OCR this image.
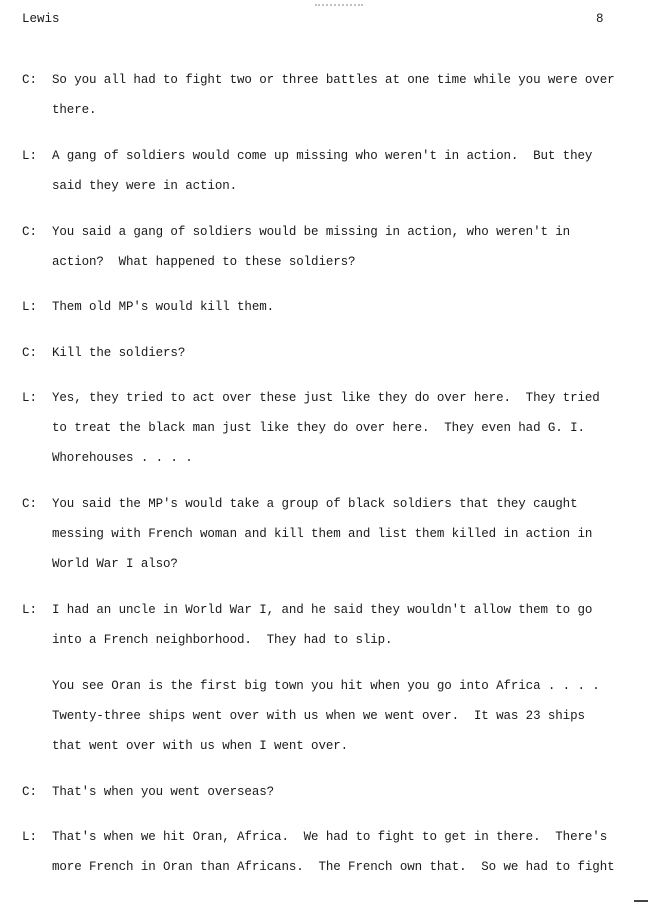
Lewis	8
C: So you all had to fight two or three battles at one time while you were over
there.
L: A gang of soldiers would come up missing who weren't in action.  But they
said they were in action.
C: You said a gang of soldiers would be missing in action, who weren't in
action?  What happened to these soldiers?
L: Them old MP's would kill them.
C: Kill the soldiers?
L: Yes, they tried to act over these just like they do over here.  They tried
to treat the black man just like they do over here.  They even had G. I.
Whorehouses . . . .
C: You said the MP's would take a group of black soldiers that they caught
messing with French woman and kill them and list them killed in action in
World War I also?
L: I had an uncle in World War I, and he said they wouldn't allow them to go
into a French neighborhood.  They had to slip.
You see Oran is the first big town you hit when you go into Africa . . . .
Twenty-three ships went over with us when we went over.  It was 23 ships
that went over with us when I went over.
C: That's when you went overseas?
L: That's when we hit Oran, Africa.  We had to fight to get in there.  There's
more French in Oran than Africans.  The French own that.  So we had to fight
